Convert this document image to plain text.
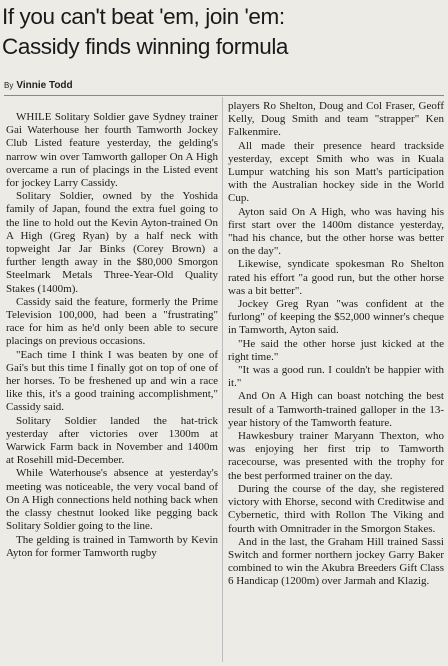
If you can't beat 'em, join 'em:
Cassidy finds winning formula
By Vinnie Todd

WHILE Solitary Soldier gave Sydney trainer Gai Waterhouse her fourth Tamworth Jockey Club Listed feature yesterday, the gelding's narrow win over Tamworth galloper On A High overcame a run of placings in the Listed event for jockey Larry Cassidy.

Solitary Soldier, owned by the Yoshida family of Japan, found the extra fuel going to the line to hold out the Kevin Ayton-trained On A High (Greg Ryan) by a half neck with topweight Jar Jar Binks (Corey Brown) a further length away in the $80,000 Smorgon Steelmark Metals Three-Year-Old Quality Stakes (1400m).

Cassidy said the feature, formerly the Prime Television 100,000, had been a "frustrating" race for him as he'd only been able to secure placings on previous occasions.

"Each time I think I was beaten by one of Gai's but this time I finally got on top of one of her horses. To be freshened up and win a race like this, it's a good training accomplishment," Cassidy said.

Solitary Soldier landed the hat-trick yesterday after victories over 1300m at Warwick Farm back in November and 1400m at Rosehill mid-December.

While Waterhouse's absence at yesterday's meeting was noticeable, the very vocal band of On A High connections held nothing back when the classy chestnut looked like pegging back Solitary Soldier going to the line.

The gelding is trained in Tamworth by Kevin Ayton for former Tamworth rugby

players Ro Shelton, Doug and Col Fraser, Geoff Kelly, Doug Smith and team "strapper" Ken Falkenmire.

All made their presence heard trackside yesterday, except Smith who was in Kuala Lumpur watching his son Matt's participation with the Australian hockey side in the World Cup.

Ayton said On A High, who was having his first start over the 1400m distance yesterday, "had his chance, but the other horse was better on the day".

Likewise, syndicate spokesman Ro Shelton rated his effort "a good run, but the other horse was a bit better".

Jockey Greg Ryan "was confident at the furlong" of keeping the $52,000 winner's cheque in Tamworth, Ayton said.

"He said the other horse just kicked at the right time."

"It was a good run. I couldn't be happier with it."

And On A High can boast notching the best result of a Tamworth-trained galloper in the 13-year history of the Tamworth feature.

Hawkesbury trainer Maryann Thexton, who was enjoying her first trip to Tamworth racecourse, was presented with the trophy for the best performed trainer on the day.

During the course of the day, she registered victory with Ehorse, second with Creditwise and Cybernetic, third with Rollon The Viking and fourth with Omnitrader in the Smorgon Stakes.

And in the last, the Graham Hill trained Sassi Switch and former northern jockey Garry Baker combined to win the Akubra Breeders Gift Class 6 Handicap (1200m) over Jarmah and Klazig.
